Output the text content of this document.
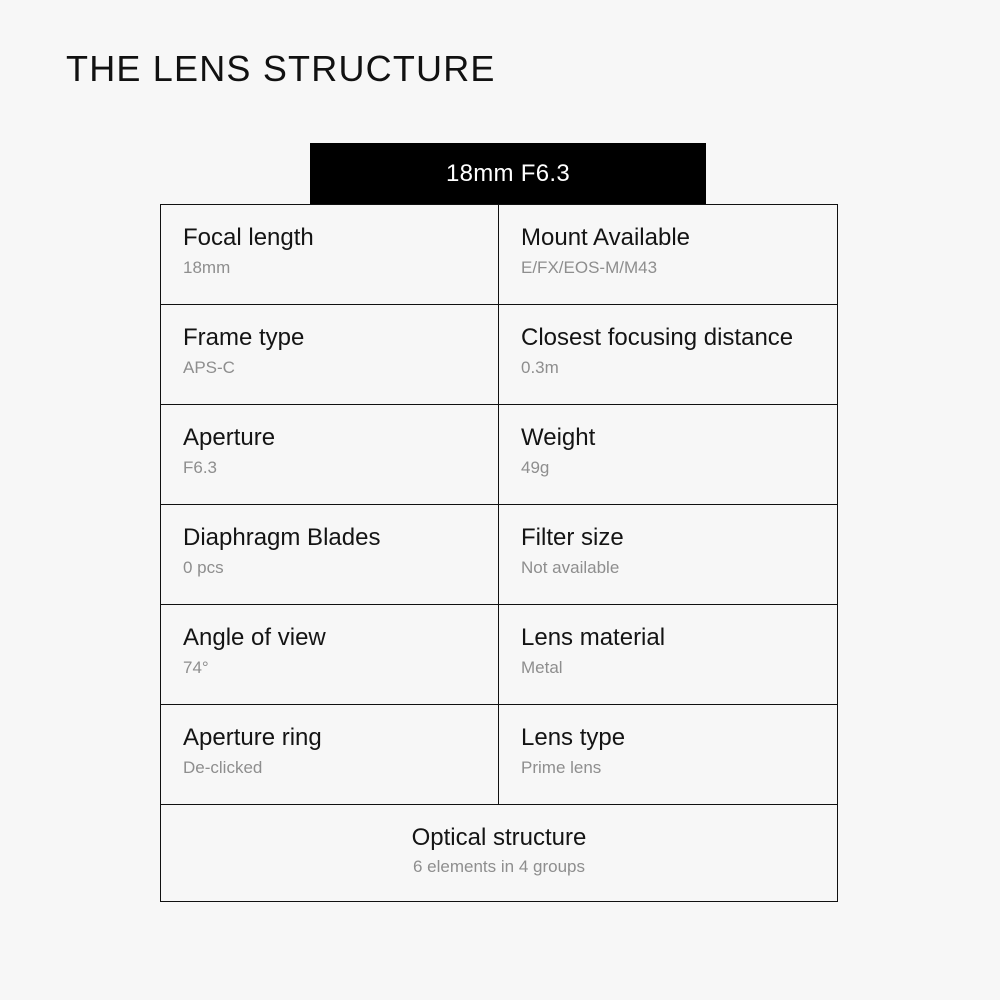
THE LENS STRUCTURE
18mm F6.3
Focal length
18mm
Mount Available
E/FX/EOS-M/M43
Frame type
APS-C
Closest focusing distance
0.3m
Aperture
F6.3
Weight
49g
Diaphragm Blades
0 pcs
Filter size
Not available
Angle of view
74°
Lens material
Metal
Aperture ring
De-clicked
Lens type
Prime lens
Optical structure
6 elements in 4 groups
